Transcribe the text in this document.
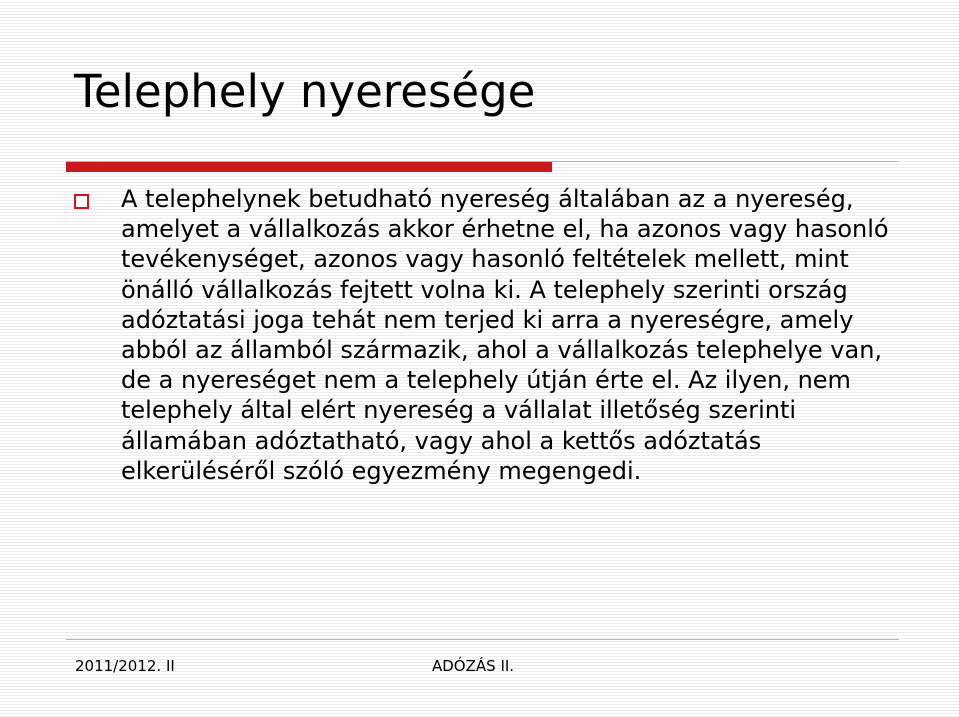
Telephely nyeresége

A telephelynek betudható nyereség általában az a nyereség, amelyet a vállalkozás akkor érhetne el, ha azonos vagy hasonló tevékenységet, azonos vagy hasonló feltételek mellett, mint önálló vállalkozás fejtett volna ki. A telephely szerinti ország adóztatási joga tehát nem terjed ki arra a nyereségre, amely abból az államból származik, ahol a vállalkozás telephelye van, de a nyereséget nem a telephely útján érte el. Az ilyen, nem telephely által elért nyereség a vállalat illetőség szerinti államában adóztatható, vagy ahol a kettős adóztatás elkerüléséről szóló egyezmény megengedi.

2011/2012. II	ADÓZÁS II.
